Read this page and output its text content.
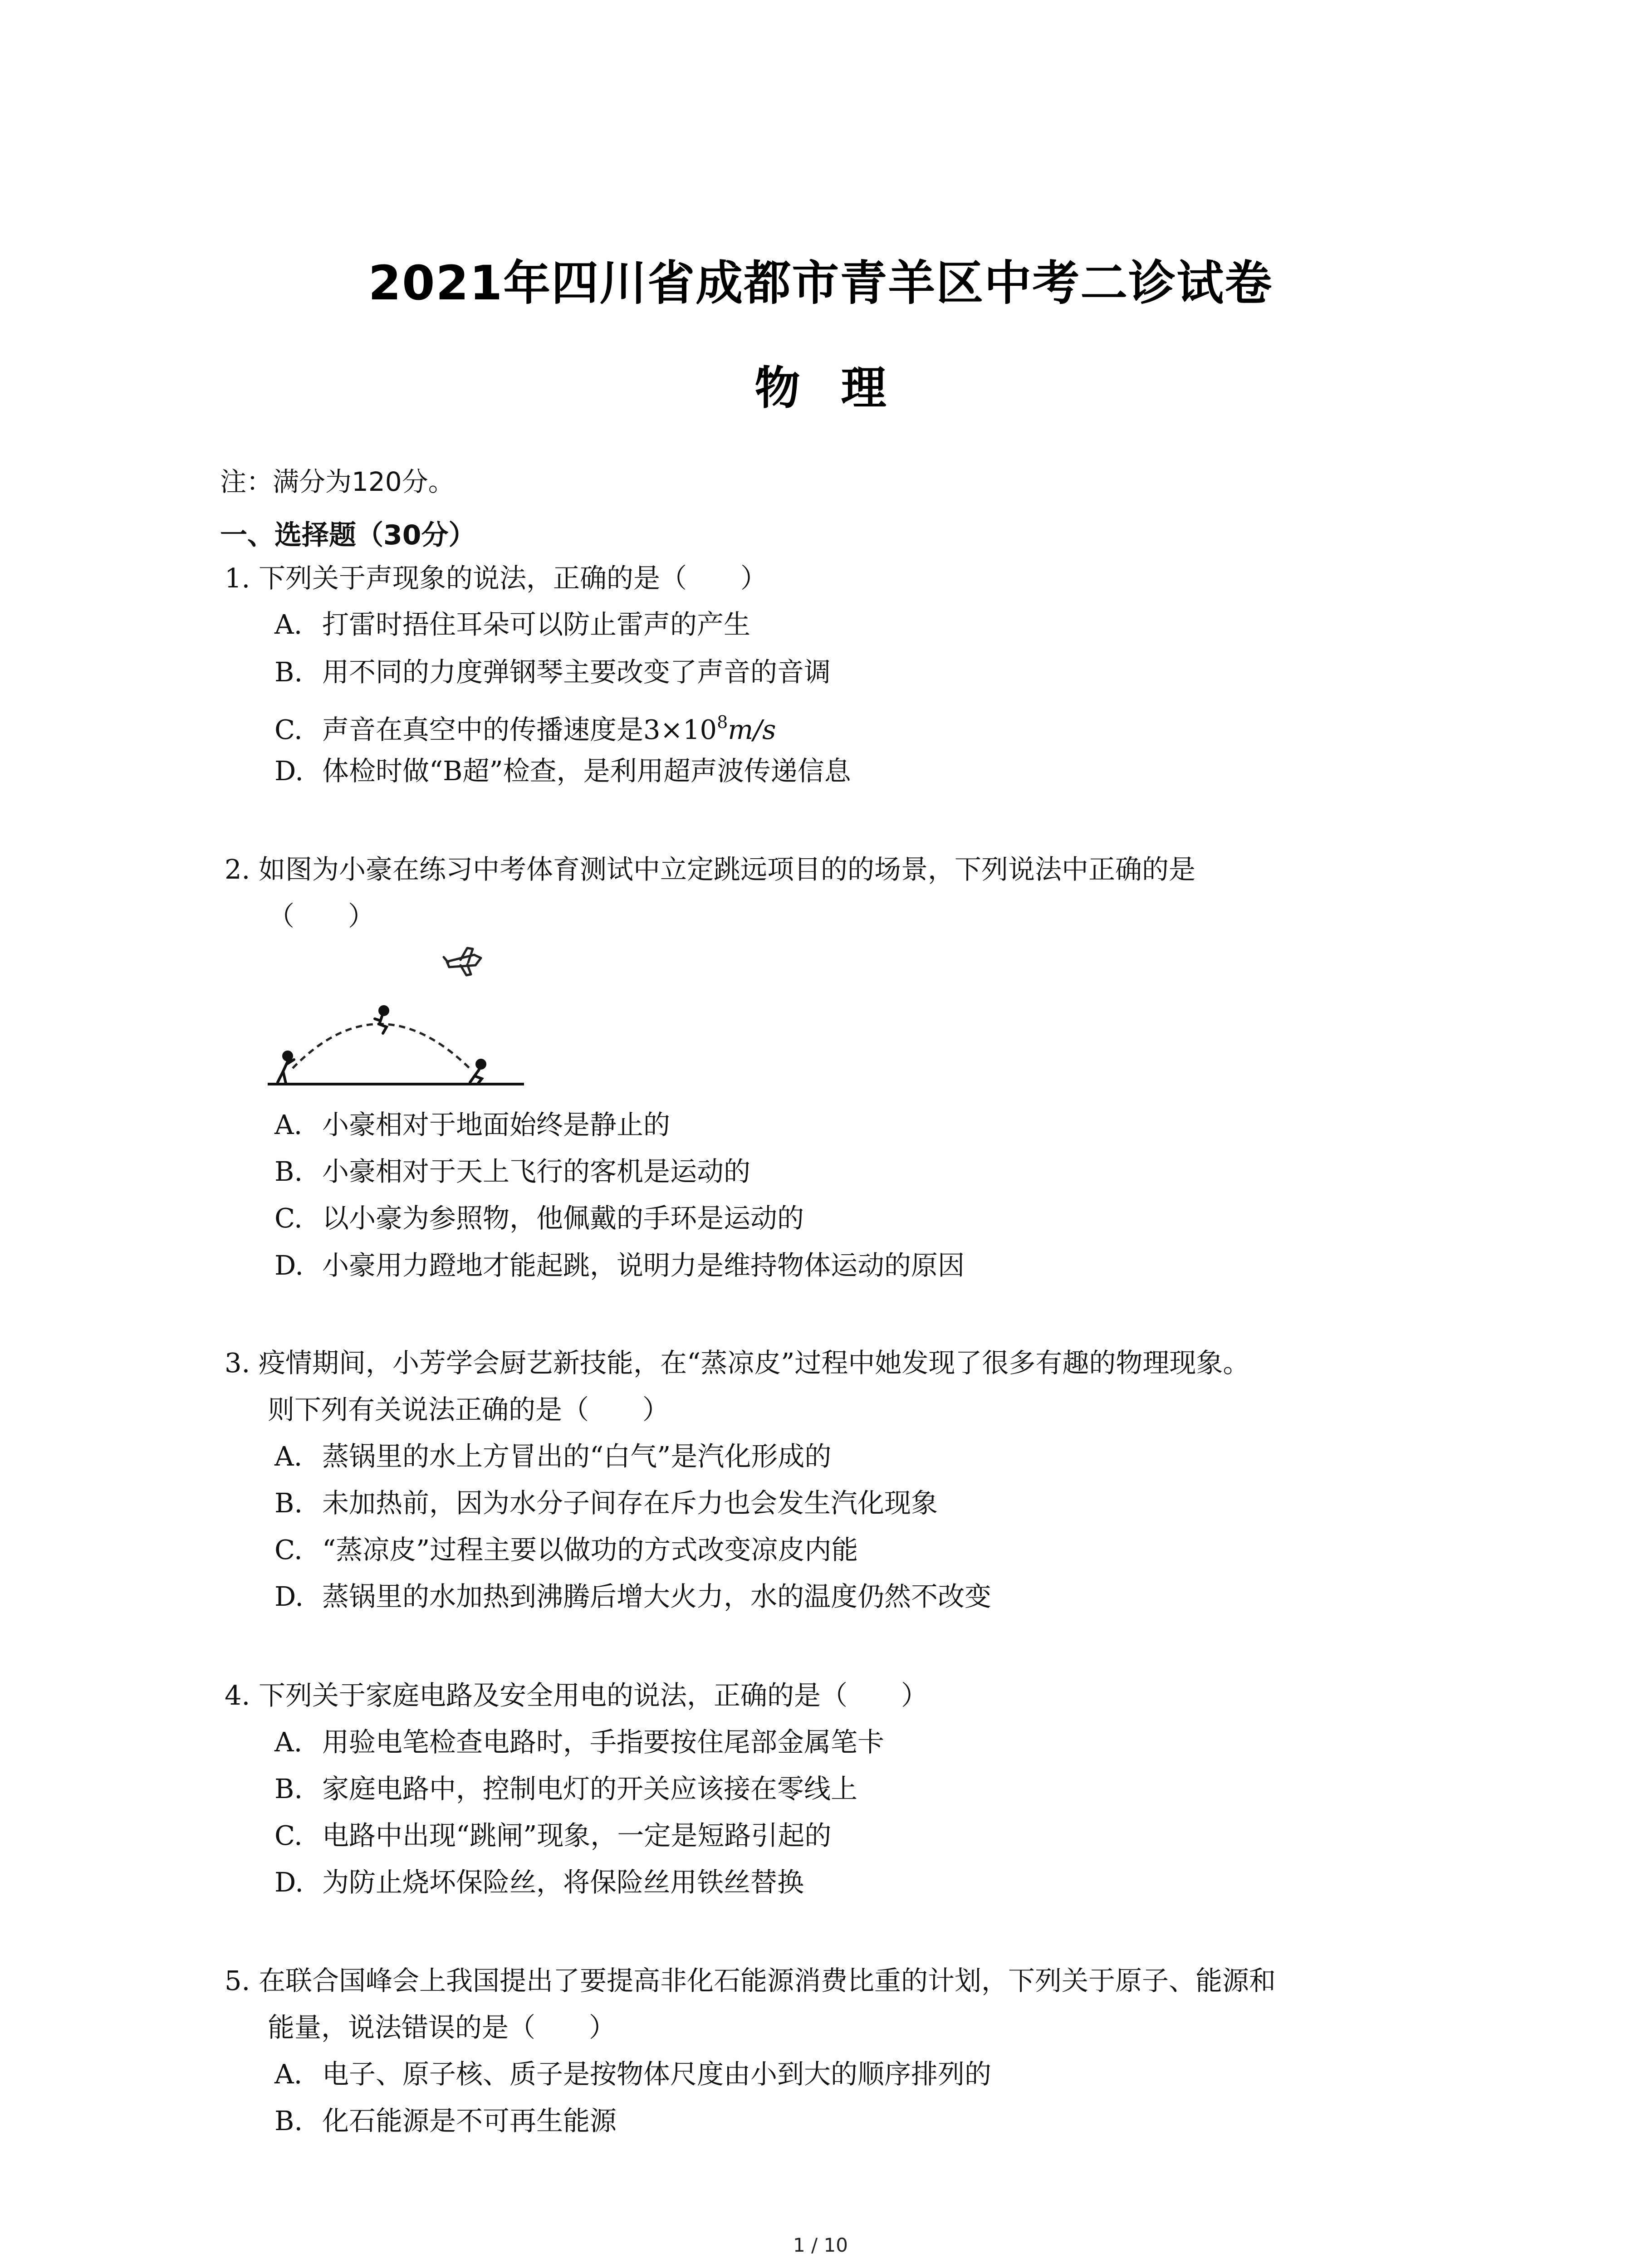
2021年四川省成都市青羊区中考二诊试卷
物理
注：满分为120分。
一、选择题（30分）
1. 下列关于声现象的说法，正确的是（　　）
A. 打雷时捂住耳朵可以防止雷声的产生
B. 用不同的力度弹钢琴主要改变了声音的音调
C. 声音在真空中的传播速度是$3\times 10^8m/s$
D. 体检时做“B超”检查，是利用超声波传递信息
2. 如图为小豪在练习中考体育测试中立定跳远项目的的场景，下列说法中正确的是
（　　）
A. 小豪相对于地面始终是静止的
B. 小豪相对于天上飞行的客机是运动的
C. 以小豪为参照物，他佩戴的手环是运动的
D. 小豪用力蹬地才能起跳，说明力是维持物体运动的原因
3. 疫情期间，小芳学会厨艺新技能，在“蒸凉皮”过程中她发现了很多有趣的物理现象。
则下列有关说法正确的是（　　）
A. 蒸锅里的水上方冒出的“白气”是汽化形成的
B. 未加热前，因为水分子间存在斥力也会发生汽化现象
C. “蒸凉皮”过程主要以做功的方式改变凉皮内能
D. 蒸锅里的水加热到沸腾后增大火力，水的温度仍然不改变
4. 下列关于家庭电路及安全用电的说法，正确的是（　　）
A. 用验电笔检查电路时，手指要按住尾部金属笔卡
B. 家庭电路中，控制电灯的开关应该接在零线上
C. 电路中出现“跳闸”现象，一定是短路引起的
D. 为防止烧坏保险丝，将保险丝用铁丝替换
5. 在联合国峰会上我国提出了要提高非化石能源消费比重的计划，下列关于原子、能源和
能量，说法错误的是（　　）
A. 电子、原子核、质子是按物体尺度由小到大的顺序排列的
B. 化石能源是不可再生能源
1 / 10
